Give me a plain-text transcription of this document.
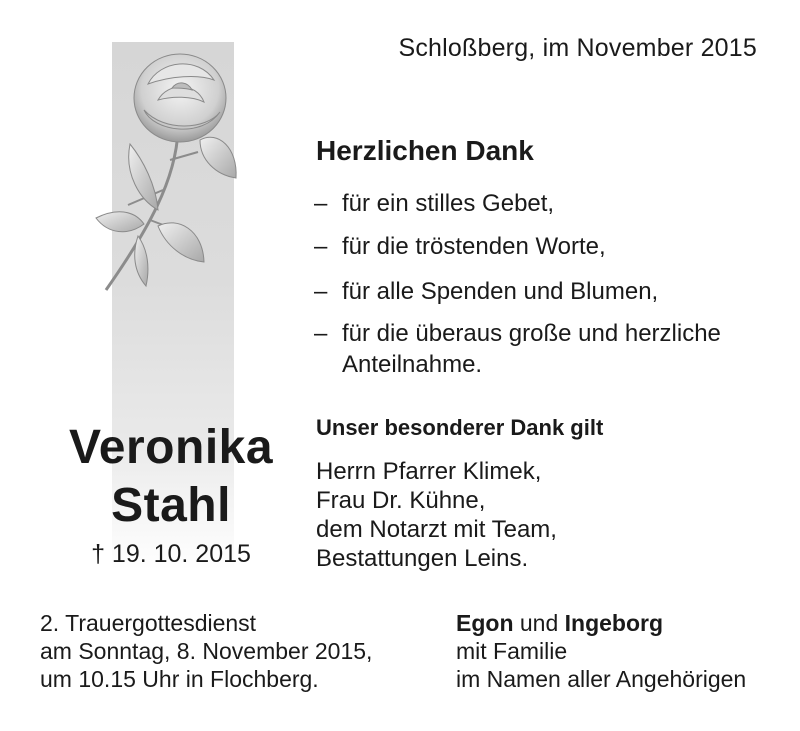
Schloßberg, im November 2015
Herzlichen Dank
– für ein stilles Gebet,
– für die tröstenden Worte,
– für alle Spenden und Blumen,
– für die überaus große und herzliche
Anteilnahme.
Unser besonderer Dank gilt
Herrn Pfarrer Klimek,
Frau Dr. Kühne,
dem Notarzt mit Team,
Bestattungen Leins.
Veronika
Stahl
† 19. 10. 2015
2. Trauergottesdienst
am Sonntag, 8. November 2015,
um 10.15 Uhr in Flochberg.
Egon und Ingeborg
mit Familie
im Namen aller Angehörigen
